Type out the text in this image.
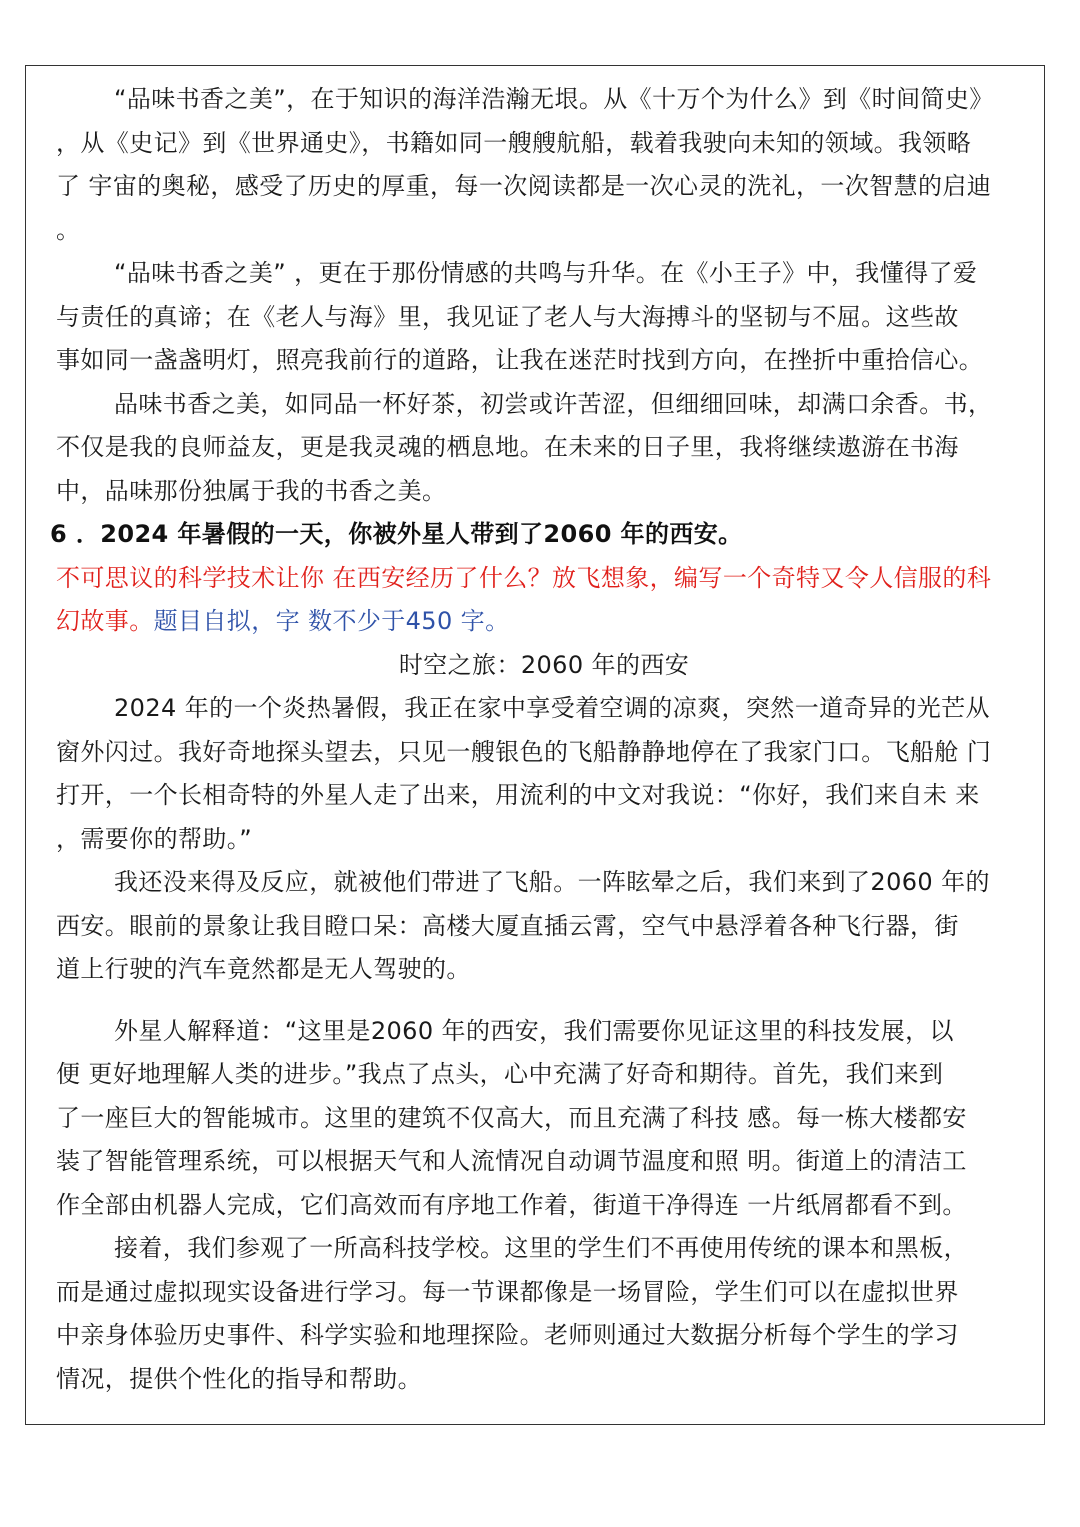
“品味书香之美”，在于知识的海洋浩瀚无垠。从《十万个为什么》到《时间简史》
，从《史记》到《世界通史》，书籍如同一艘艘航船，载着我驶向未知的领域。我领略
了 宇宙的奥秘，感受了历史的厚重，每一次阅读都是一次心灵的洗礼，一次智慧的启迪
。

“品味书香之美” ，更在于那份情感的共鸣与升华。在《小王子》中，我懂得了爱
与责任的真谛；在《老人与海》里，我见证了老人与大海搏斗的坚韧与不屈。这些故
事如同一盏盏明灯，照亮我前行的道路，让我在迷茫时找到方向，在挫折中重拾信心。

品味书香之美，如同品一杯好茶，初尝或许苦涩，但细细回味，却满口余香。书，
不仅是我的良师益友，更是我灵魂的栖息地。在未来的日子里，我将继续遨游在书海
中，品味那份独属于我的书香之美。

6 ．2024 年暑假的一天，你被外星人带到了2060 年的西安。

不可思议的科学技术让你 在西安经历了什么？放飞想象，编写一个奇特又令人信服的科
幻故事。题目自拟，字 数不少于450 字。

时空之旅：2060 年的西安

2024 年的一个炎热暑假，我正在家中享受着空调的凉爽，突然一道奇异的光芒从
窗外闪过。我好奇地探头望去，只见一艘银色的飞船静静地停在了我家门口。飞船舱 门
打开，一个长相奇特的外星人走了出来，用流利的中文对我说：“你好，我们来自未 来
，需要你的帮助。”

我还没来得及反应，就被他们带进了飞船。一阵眩晕之后，我们来到了2060 年的
西安。眼前的景象让我目瞪口呆：高楼大厦直插云霄，空气中悬浮着各种飞行器，街
道上行驶的汽车竟然都是无人驾驶的。

外星人解释道：“这里是2060 年的西安，我们需要你见证这里的科技发展，以
便 更好地理解人类的进步。”我点了点头，心中充满了好奇和期待。首先，我们来到
了一座巨大的智能城市。这里的建筑不仅高大，而且充满了科技 感。每一栋大楼都安
装了智能管理系统，可以根据天气和人流情况自动调节温度和照 明。街道上的清洁工
作全部由机器人完成，它们高效而有序地工作着，街道干净得连 一片纸屑都看不到。

接着，我们参观了一所高科技学校。这里的学生们不再使用传统的课本和黑板，
而是通过虚拟现实设备进行学习。每一节课都像是一场冒险，学生们可以在虚拟世界
中亲身体验历史事件、科学实验和地理探险。老师则通过大数据分析每个学生的学习
情况，提供个性化的指导和帮助。
